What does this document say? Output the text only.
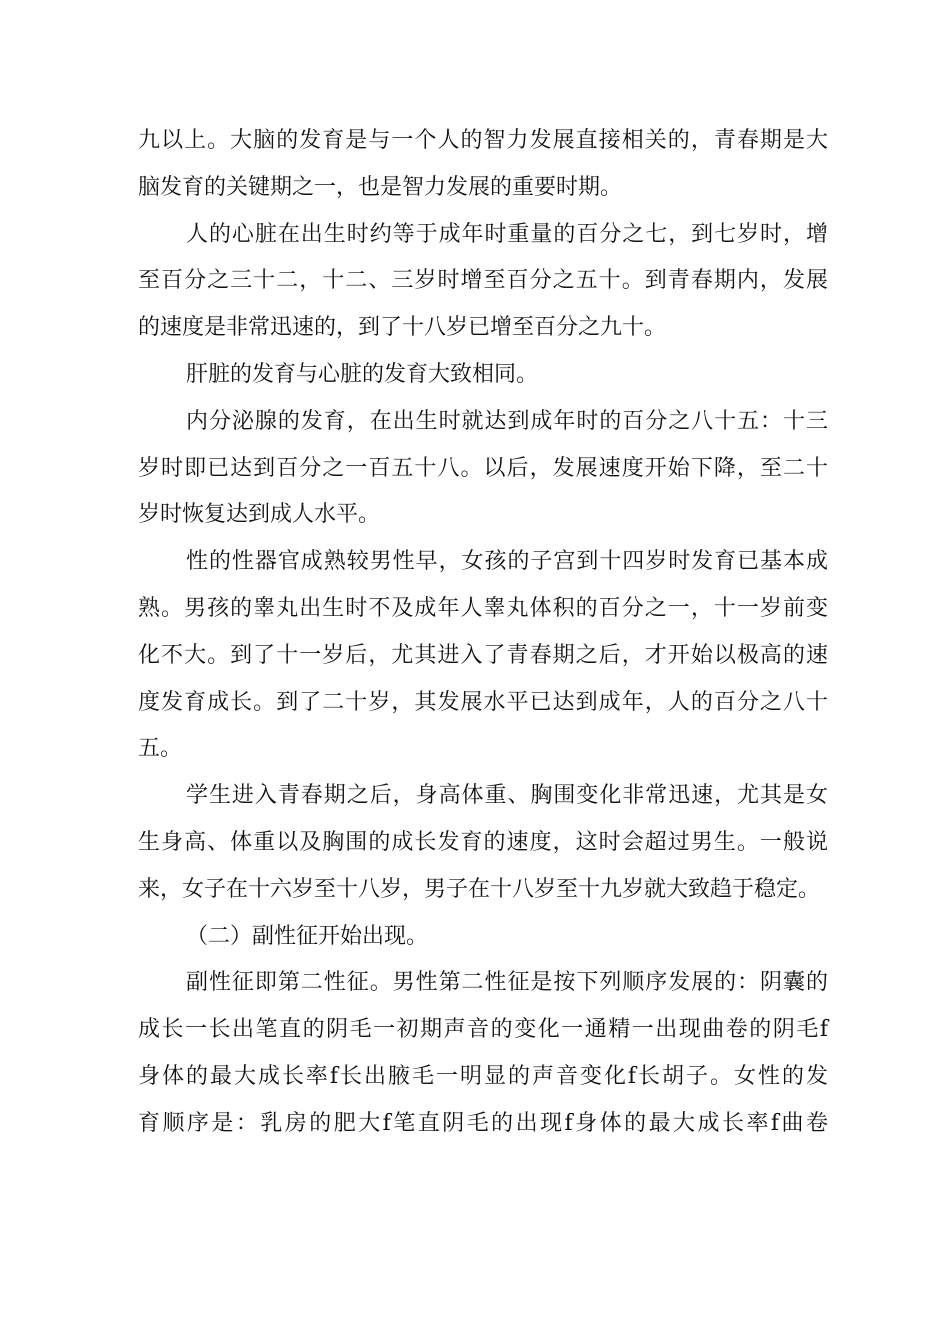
九以上。大脑的发育是与一个人的智力发展直接相关的，青春期是大
脑发育的关键期之一，也是智力发展的重要时期。
人的心脏在出生时约等于成年时重量的百分之七，到七岁时，增
至百分之三十二，十二、三岁时增至百分之五十。到青春期内，发展
的速度是非常迅速的，到了十八岁已增至百分之九十。
肝脏的发育与心脏的发育大致相同。
内分泌腺的发育，在出生时就达到成年时的百分之八十五：十三
岁时即已达到百分之一百五十八。以后，发展速度开始下降，至二十
岁时恢复达到成人水平。
性的性器官成熟较男性早，女孩的子宫到十四岁时发育已基本成
熟。男孩的睾丸出生时不及成年人睾丸体积的百分之一，十一岁前变
化不大。到了十一岁后，尤其进入了青春期之后，才开始以极高的速
度发育成长。到了二十岁，其发展水平已达到成年，人的百分之八十
五。
学生进入青春期之后，身高体重、胸围变化非常迅速，尤其是女
生身高、体重以及胸围的成长发育的速度，这时会超过男生。一般说
来，女子在十六岁至十八岁，男子在十八岁至十九岁就大致趋于稳定。
（二）副性征开始出现。
副性征即第二性征。男性第二性征是按下列顺序发展的：阴囊的
成长一长出笔直的阴毛一初期声音的变化一通精一出现曲卷的阴毛f
身体的最大成长率f长出腋毛一明显的声音变化f长胡子。女性的发
育顺序是：乳房的肥大f笔直阴毛的出现f身体的最大成长率f曲卷
